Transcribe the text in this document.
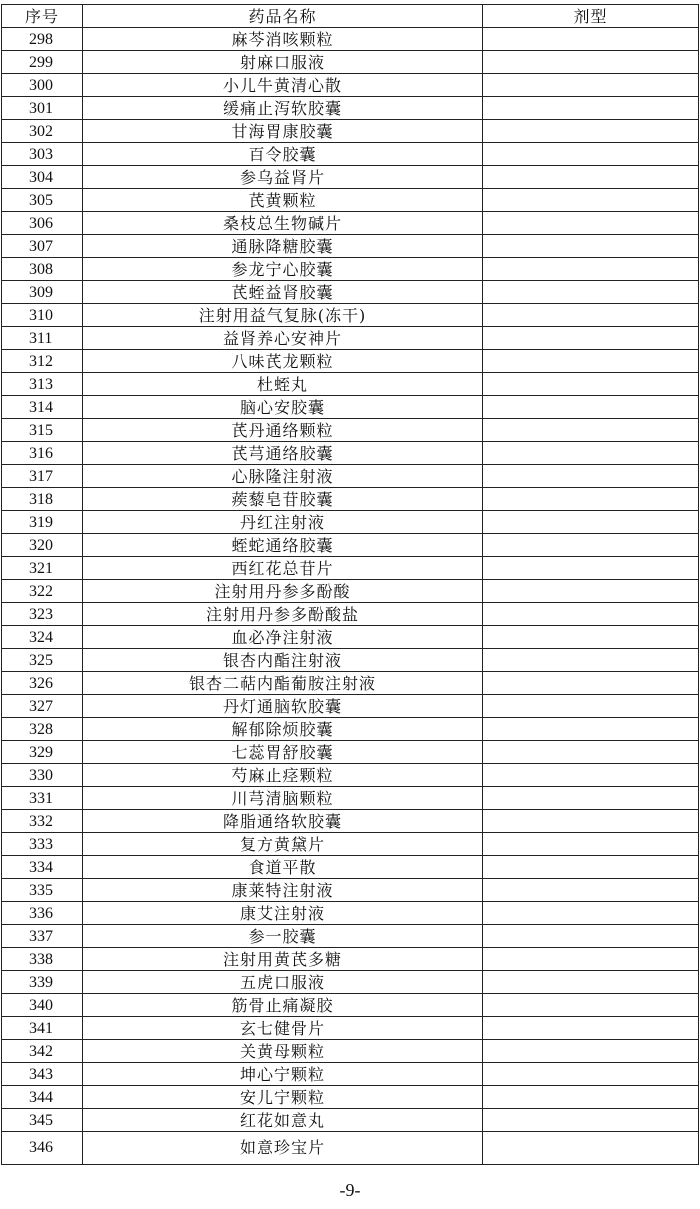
序号	药品名称	剂型
298	麻芩消咳颗粒	
299	射麻口服液	
300	小儿牛黄清心散	
301	缓痛止泻软胶囊	
302	甘海胃康胶囊	
303	百令胶囊	
304	参乌益肾片	
305	芪黄颗粒	
306	桑枝总生物碱片	
307	通脉降糖胶囊	
308	参龙宁心胶囊	
309	芪蛭益肾胶囊	
310	注射用益气复脉(冻干)	
311	益肾养心安神片	
312	八味芪龙颗粒	
313	杜蛭丸	
314	脑心安胶囊	
315	芪丹通络颗粒	
316	芪芎通络胶囊	
317	心脉隆注射液	
318	蒺藜皂苷胶囊	
319	丹红注射液	
320	蛭蛇通络胶囊	
321	西红花总苷片	
322	注射用丹参多酚酸	
323	注射用丹参多酚酸盐	
324	血必净注射液	
325	银杏内酯注射液	
326	银杏二萜内酯葡胺注射液	
327	丹灯通脑软胶囊	
328	解郁除烦胶囊	
329	七蕊胃舒胶囊	
330	芍麻止痉颗粒	
331	川芎清脑颗粒	
332	降脂通络软胶囊	
333	复方黄黛片	
334	食道平散	
335	康莱特注射液	
336	康艾注射液	
337	参一胶囊	
338	注射用黄芪多糖	
339	五虎口服液	
340	筋骨止痛凝胶	
341	玄七健骨片	
342	关黄母颗粒	
343	坤心宁颗粒	
344	安儿宁颗粒	
345	红花如意丸	
346	如意珍宝片	
-9-
